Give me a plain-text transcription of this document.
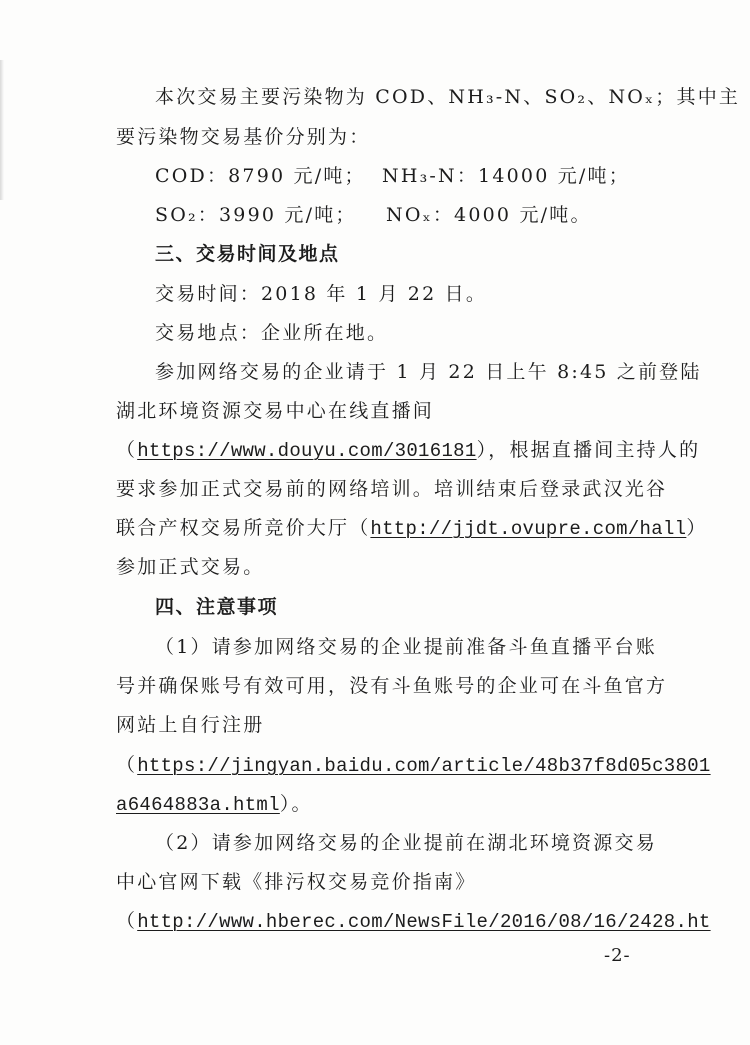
本次交易主要污染物为 COD、NH₃-N、SO₂、NOₓ；其中主
要污染物交易基价分别为：
COD：8790 元/吨； NH₃-N：14000 元/吨；
SO₂：3990 元/吨； NOₓ：4000 元/吨。
三、交易时间及地点
交易时间：2018 年 1 月 22 日。
交易地点：企业所在地。
参加网络交易的企业请于 1 月 22 日上午 8:45 之前登陆
湖北环境资源交易中心在线直播间
（https://www.douyu.com/3016181），根据直播间主持人的
要求参加正式交易前的网络培训。培训结束后登录武汉光谷
联合产权交易所竞价大厅（http://jjdt.ovupre.com/hall）
参加正式交易。
四、注意事项
（1）请参加网络交易的企业提前准备斗鱼直播平台账
号并确保账号有效可用，没有斗鱼账号的企业可在斗鱼官方
网站上自行注册
（https://jingyan.baidu.com/article/48b37f8d05c3801
a6464883a.html）。
（2）请参加网络交易的企业提前在湖北环境资源交易
中心官网下载《排污权交易竞价指南》
（http://www.hberec.com/NewsFile/2016/08/16/2428.ht
-2-
